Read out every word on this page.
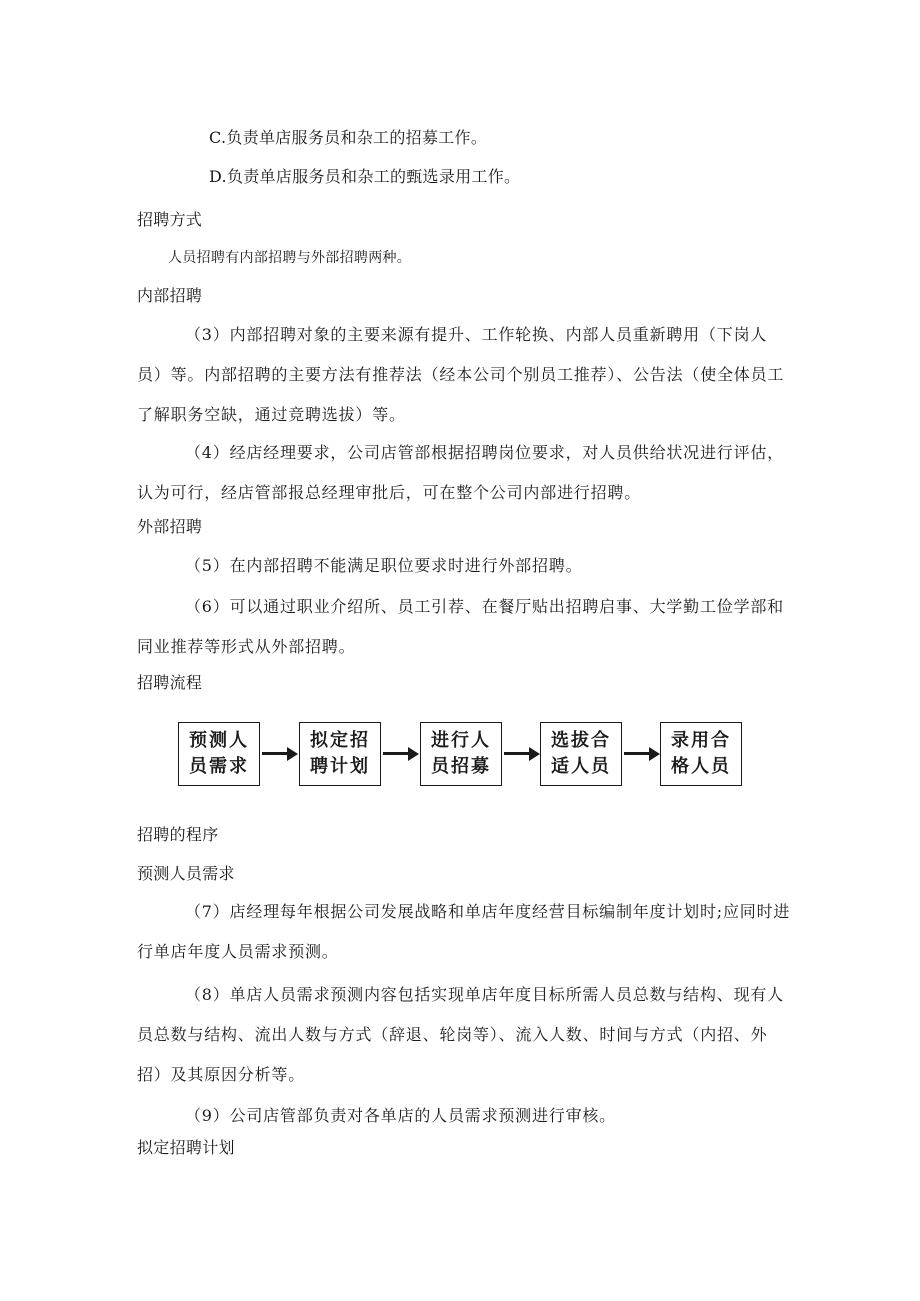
C.负责单店服务员和杂工的招募工作。
D.负责单店服务员和杂工的甄选录用工作。
招聘方式
人员招聘有内部招聘与外部招聘两种。
内部招聘
（3）内部招聘对象的主要来源有提升、工作轮换、内部人员重新聘用（下岗人员）等。内部招聘的主要方法有推荐法（经本公司个别员工推荐）、公告法（使全体员工了解职务空缺，通过竞聘选拔）等。
（4）经店经理要求，公司店管部根据招聘岗位要求，对人员供给状况进行评估，认为可行，经店管部报总经理审批后，可在整个公司内部进行招聘。
外部招聘
（5）在内部招聘不能满足职位要求时进行外部招聘。
（6）可以通过职业介绍所、员工引荐、在餐厅贴出招聘启事、大学勤工俭学部和同业推荐等形式从外部招聘。
招聘流程
预测人
员需求
拟定招
聘计划
进行人
员招募
选拔合
适人员
录用合
格人员
招聘的程序
预测人员需求
（7）店经理每年根据公司发展战略和单店年度经营目标编制年度计划时;应同时进行单店年度人员需求预测。
（8）单店人员需求预测内容包括实现单店年度目标所需人员总数与结构、现有人员总数与结构、流出人数与方式（辞退、轮岗等）、流入人数、时间与方式（内招、外招）及其原因分析等。
（9）公司店管部负责对各单店的人员需求预测进行审核。
拟定招聘计划
